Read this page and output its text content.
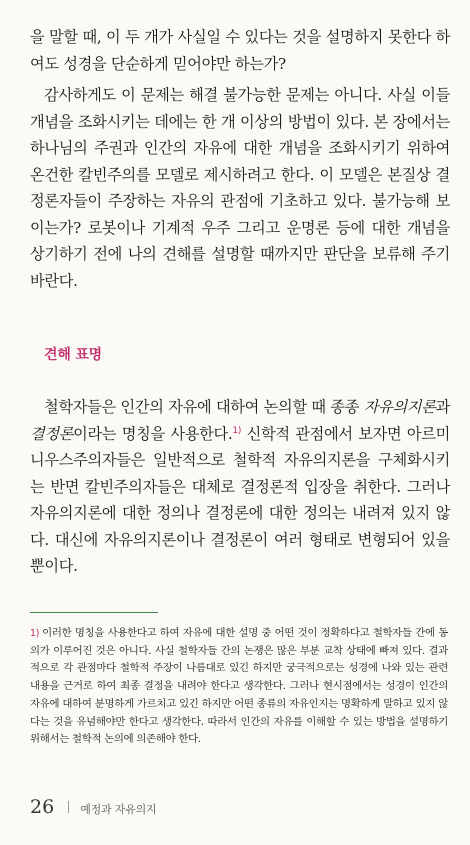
을 말할 때, 이 두 개가 사실일 수 있다는 것을 설명하지 못한다 하여도 성경을 단순하게 믿어야만 하는가?

감사하게도 이 문제는 해결 불가능한 문제는 아니다. 사실 이들 개념을 조화시키는 데에는 한 개 이상의 방법이 있다. 본 장에서는 하나님의 주권과 인간의 자유에 대한 개념을 조화시키기 위하여 온건한 칼빈주의를 모델로 제시하려고 한다. 이 모델은 본질상 결정론자들이 주장하는 자유의 관점에 기초하고 있다. 불가능해 보이는가? 로봇이나 기계적 우주 그리고 운명론 등에 대한 개념을 상기하기 전에 나의 견해를 설명할 때까지만 판단을 보류해 주기 바란다.

견해 표명

철학자들은 인간의 자유에 대하여 논의할 때 종종 자유의지론과 결정론이라는 명칭을 사용한다.$^{1)}$ 신학적 관점에서 보자면 아르미니우스주의자들은 일반적으로 철학적 자유의지론을 구체화시키는 반면 칼빈주의자들은 대체로 결정론적 입장을 취한다. 그러나 자유의지론에 대한 정의나 결정론에 대한 정의는 내려져 있지 않다. 대신에 자유의지론이나 결정론이 여러 형태로 변형되어 있을 뿐이다.

1) 이러한 명칭을 사용한다고 하여 자유에 대한 설명 중 어떤 것이 정확하다고 철학자들 간에 동의가 이루어진 것은 아니다. 사실 철학자들 간의 논쟁은 많은 부분 교착 상태에 빠져 있다. 결과적으로 각 관점마다 철학적 주장이 나름대로 있긴 하지만 궁극적으로는 성경에 나와 있는 관련 내용을 근거로 하여 최종 결정을 내려야 한다고 생각한다. 그러나 현시점에서는 성경이 인간의 자유에 대하여 분명하게 가르치고 있긴 하지만 어떤 종류의 자유인지는 명확하게 말하고 있지 않다는 것을 유념해야만 한다고 생각한다. 따라서 인간의 자유를 이해할 수 있는 방법을 설명하기 위해서는 철학적 논의에 의존해야 한다.

26 예정과 자유의지
